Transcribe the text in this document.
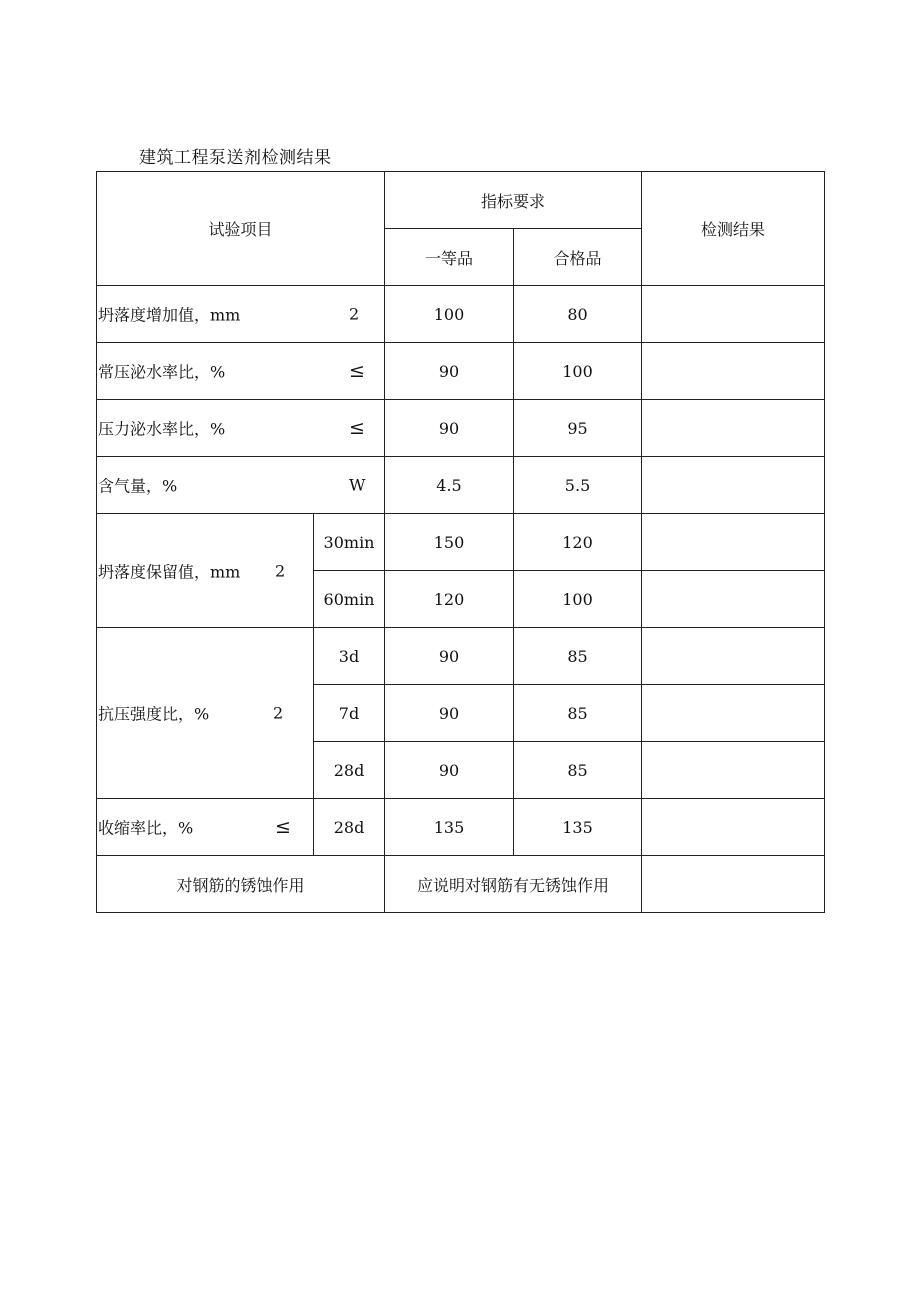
建筑工程泵送剂检测结果
试验项目		指标要求		检测结果
		一等品	合格品	

坍落度增加值，mm 2		100	80	

常压泌水率比，% ≤		90	100	

压力泌水率比，% ≤		90	95	

含气量，% W		4.5	5.5	

坍落度保留值，mm 2	30min	150	120	
	60min	120	100	

抗压强度比，% 2	3d	90	85	
	7d	90	85	
	28d	90	85	

收缩率比，% ≤	28d	135	135	
对钢筋的锈蚀作用		应说明对钢筋有无锈蚀作用		
